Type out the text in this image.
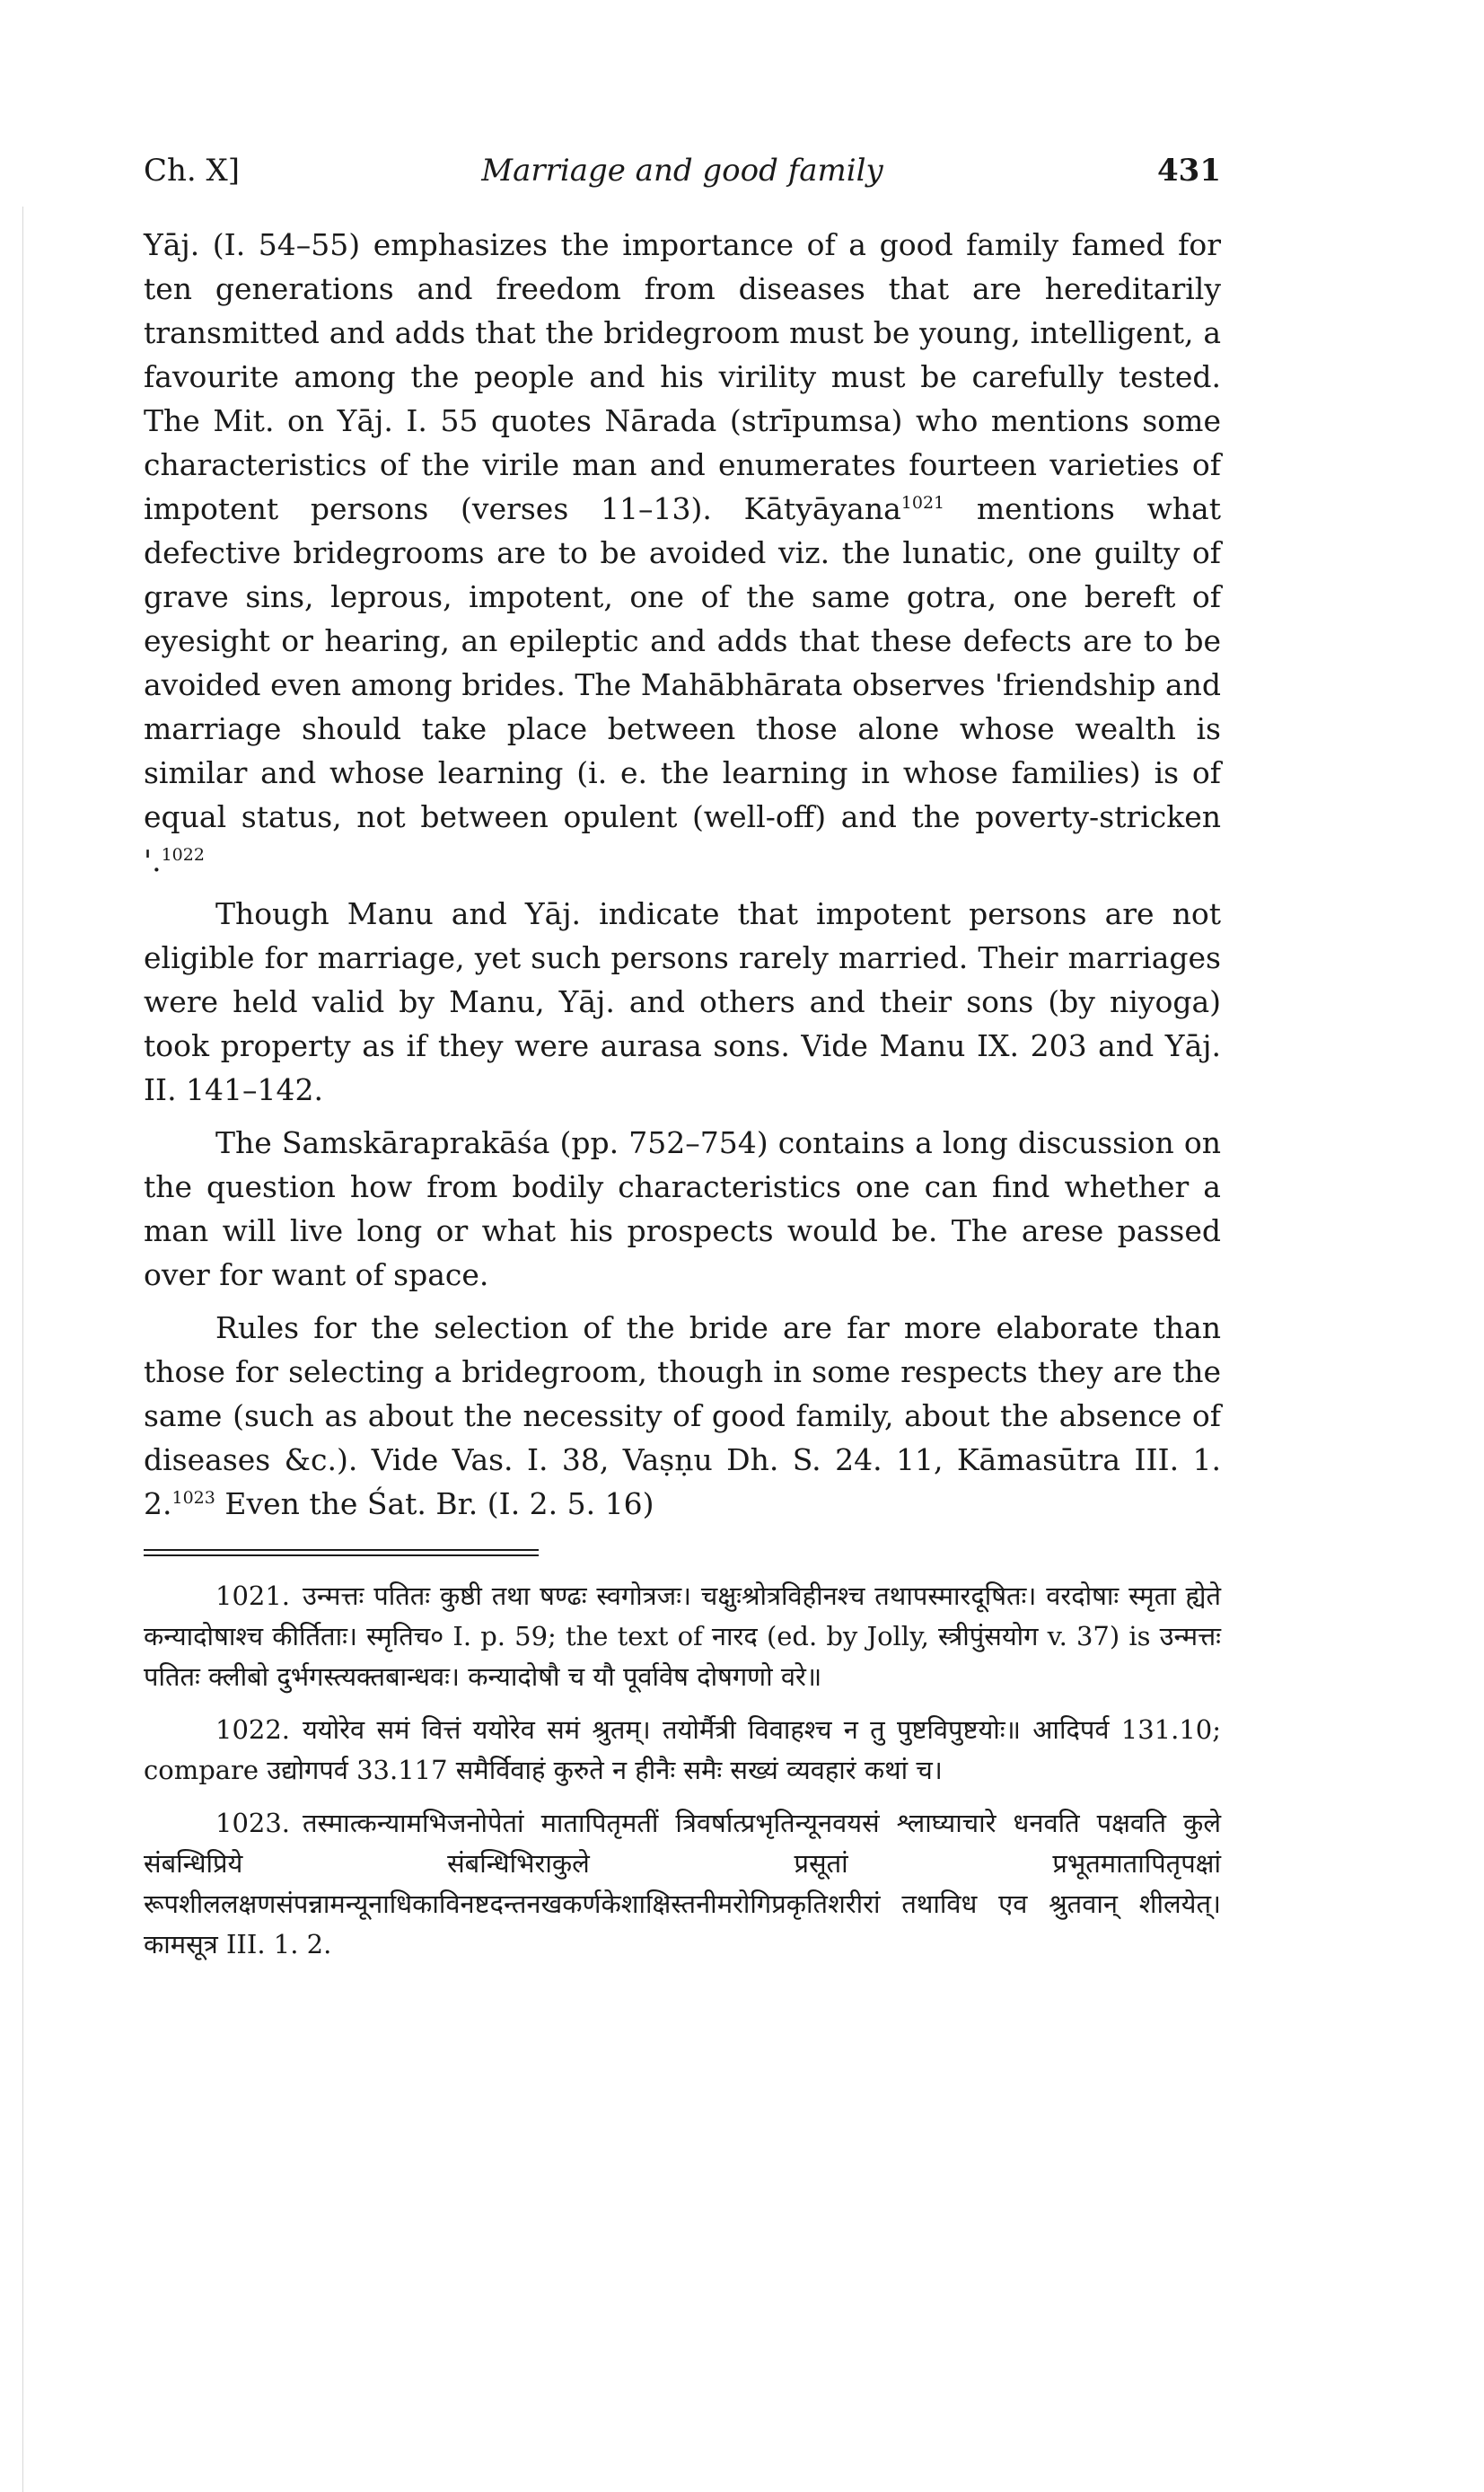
Ch. X]	Marriage and good family	431

Yāj. (I. 54–55) emphasizes the importance of a good family famed for ten generations and freedom from diseases that are hereditarily transmitted and adds that the bridegroom must be young, intelligent, a favourite among the people and his virility must be carefully tested. The Mit. on Yāj. I. 55 quotes Nārada (strīpumsa) who mentions some characteristics of the virile man and enumerates fourteen varieties of impotent persons (verses 11–13). Kātyāyana$^{1021}$ mentions what defective bridegrooms are to be avoided viz. the lunatic, one guilty of grave sins, leprous, impotent, one of the same gotra, one bereft of eyesight or hearing, an epileptic and adds that these defects are to be avoided even among brides. The Mahābhārata observes 'friendship and marriage should take place between those alone whose wealth is similar and whose learning (i. e. the learning in whose families) is of equal status, not between opulent (well-off) and the poverty-stricken '.$^{1022}$

Though Manu and Yāj. indicate that impotent persons are not eligible for marriage, yet such persons rarely married. Their marriages were held valid by Manu, Yāj. and others and their sons (by niyoga) took property as if they were aurasa sons. Vide Manu IX. 203 and Yāj. II. 141–142.

The Samskāraprakāśa (pp. 752–754) contains a long discussion on the question how from bodily characteristics one can find whether a man will live long or what his prospects would be. The arese passed over for want of space.

Rules for the selection of the bride are far more elaborate than those for selecting a bridegroom, though in some respects they are the same (such as about the necessity of good family, about the absence of diseases &c.). Vide Vas. I. 38, Vaṣṇu Dh. S. 24. 11, Kāmasūtra III. 1. 2.$^{1023}$ Even the Śat. Br. (I. 2. 5. 16)

1021. उन्मत्तः पतितः कुष्ठी तथा षण्ढः स्वगोत्रजः। चक्षुःश्रोत्रविहीनश्च तथापस्मारदूषितः। वरदोषाः स्मृता ह्येते कन्यादोषाश्च कीर्तिताः। स्मृतिच० I. p. 59; the text of नारद (ed. by Jolly, स्त्रीपुंसयोग v. 37) is उन्मत्तः पतितः क्लीबो दुर्भगस्त्यक्तबान्धवः। कन्यादोषौ च यौ पूर्वावेष दोषगणो वरे॥

1022. ययोरेव समं वित्तं ययोरेव समं श्रुतम्। तयोर्मैत्री विवाहश्च न तु पुष्टविपुष्टयोः॥ आदिपर्व 131.10; compare उद्योगपर्व 33.117 समैर्विवाहं कुरुते न हीनैः समैः सख्यं व्यवहारं कथां च।

1023. तस्मात्कन्यामभिजनोपेतां मातापितृमतीं त्रिवर्षात्प्रभृतिन्यूनवयसं श्लाघ्याचारे धनवति पक्षवति कुले संबन्धिप्रिये संबन्धिभिराकुले प्रसूतां प्रभूतमातापितृपक्षां रूपशीललक्षणसंपन्नामन्यूनाधिकाविनष्टदन्तनखकर्णकेशाक्षिस्तनीमरोगिप्रकृतिशरीरां तथाविध एव श्रुतवान् शीलयेत्। कामसूत्र III. 1. 2.
